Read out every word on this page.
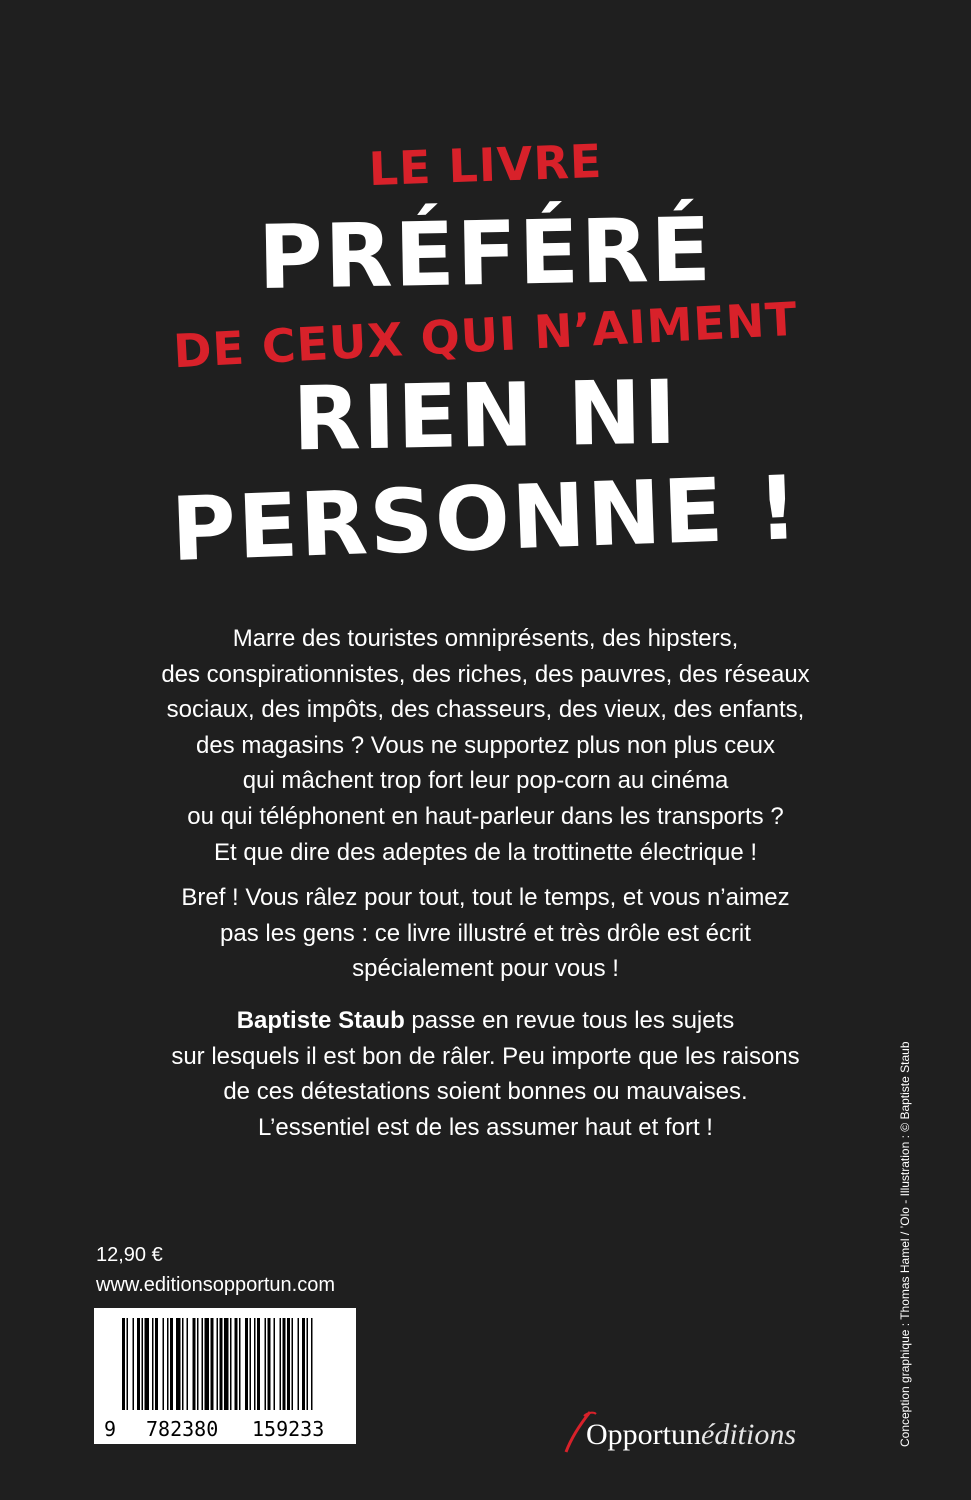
LE LIVRE
PRÉFÉRÉ
DE CEUX QUI N’AIMENT
RIEN NI
PERSONNE !
Marre des touristes omniprésents, des hipsters,
des conspirationnistes, des riches, des pauvres, des réseaux
sociaux, des impôts, des chasseurs, des vieux, des enfants,
des magasins ? Vous ne supportez plus non plus ceux
qui mâchent trop fort leur pop-corn au cinéma
ou qui téléphonent en haut-parleur dans les transports ?
Et que dire des adeptes de la trottinette électrique !
Bref ! Vous râlez pour tout, tout le temps, et vous n’aimez
pas les gens : ce livre illustré et très drôle est écrit
spécialement pour vous !
Baptiste Staub passe en revue tous les sujets
sur lesquels il est bon de râler. Peu importe que les raisons
de ces détestations soient bonnes ou mauvaises.
L’essentiel est de les assumer haut et fort !
12,90 €
www.editionsopportun.com
9 782380 159233	Conception graphique : Thomas Hamel / ’Olo - Illustration : © Baptiste Staub
Opportunéditions
